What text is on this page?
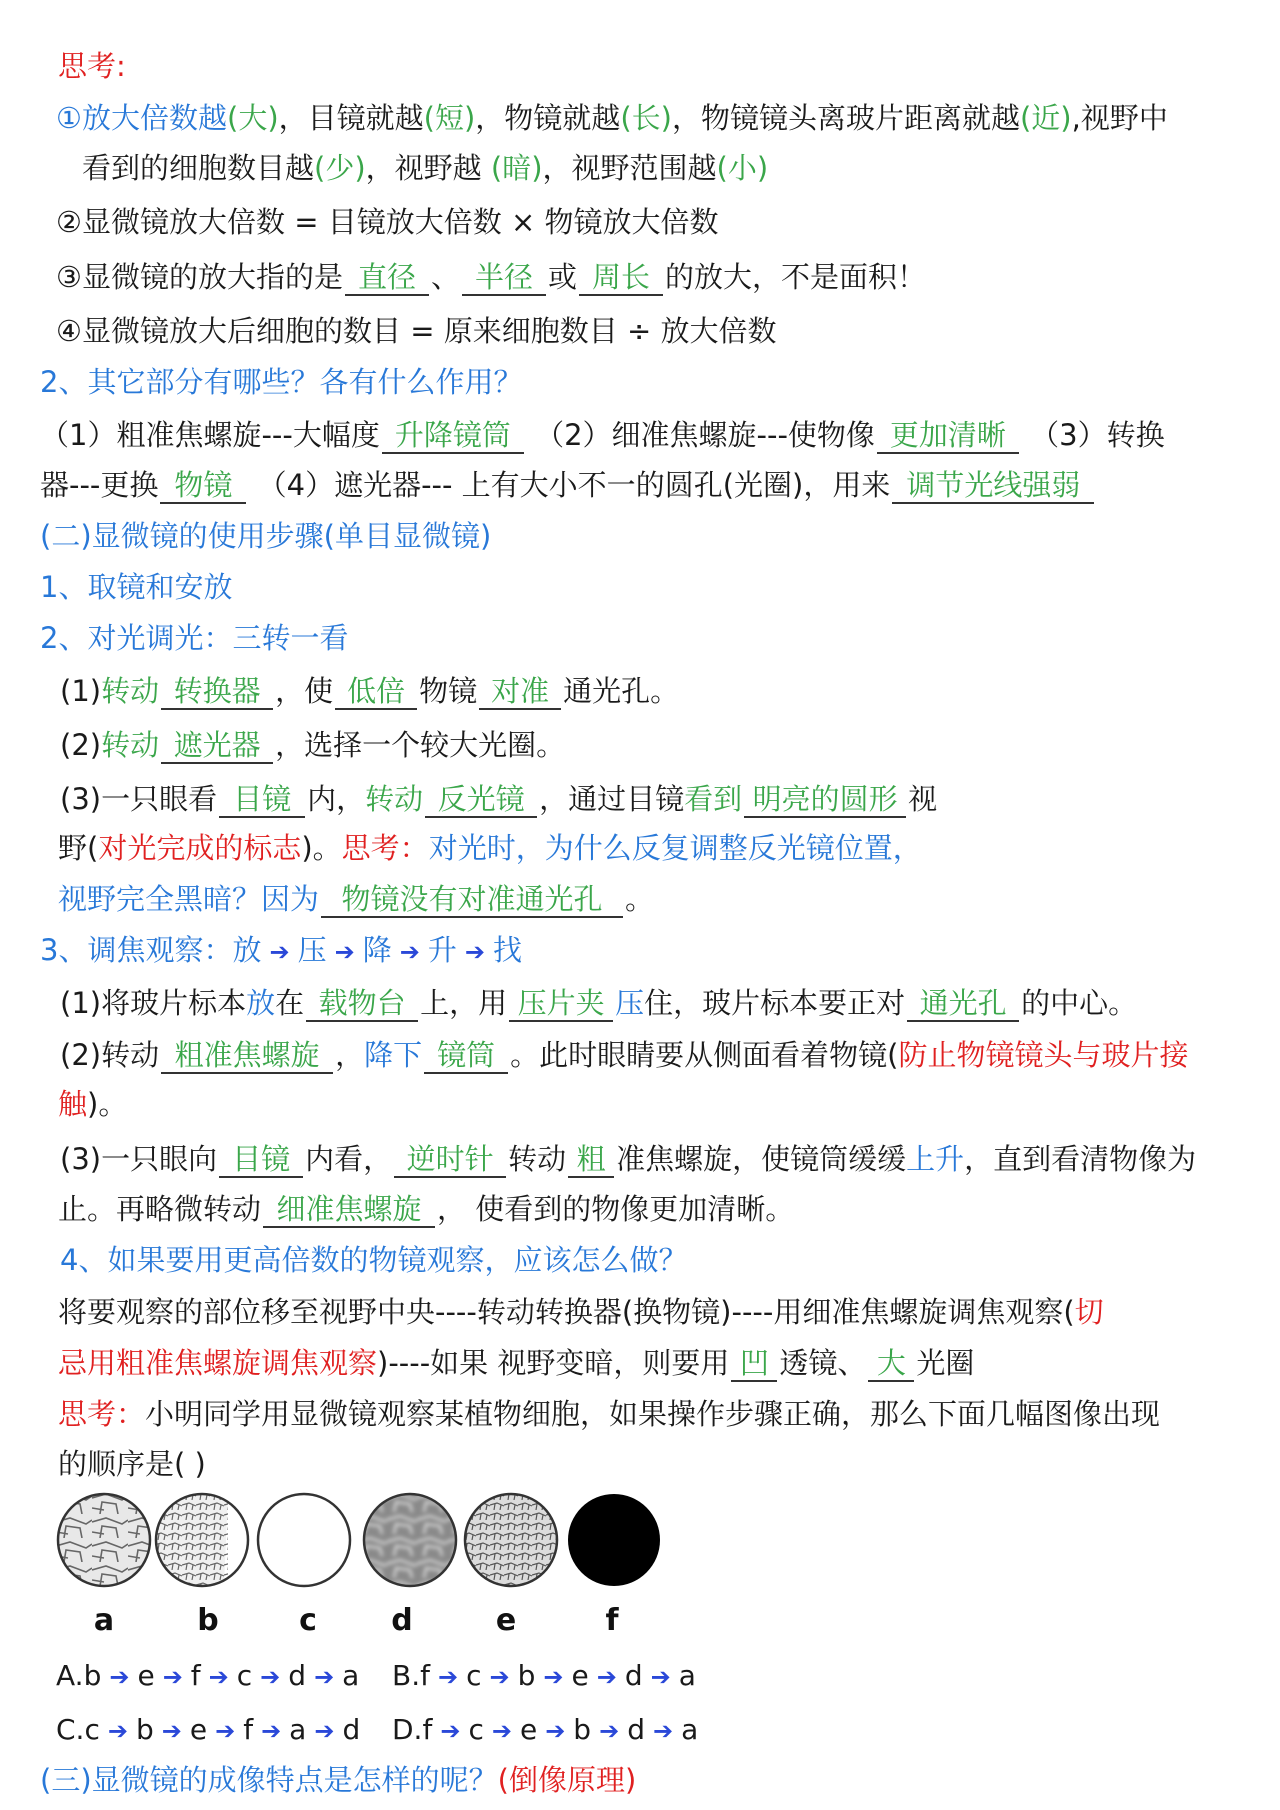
思考:
①放大倍数越(大)，目镜就越(短)，物镜就越(长)，物镜镜头离玻片距离就越(近),视野中
看到的细胞数目越(少)，视野越 (暗)，视野范围越(小)
②显微镜放大倍数 = 目镜放大倍数 × 物镜放大倍数
③显微镜的放大指的是 直径 、 半径 或 周长 的放大，不是面积！
④显微镜放大后细胞的数目 = 原来细胞数目 ÷ 放大倍数
2、其它部分有哪些？各有什么作用？
（1）粗准焦螺旋---大幅度 升降镜筒 （2）细准焦螺旋---使物像 更加清晰 （3）转换
器---更换 物镜 （4）遮光器--- 上有大小不一的圆孔(光圈)，用来 调节光线强弱
(二)显微镜的使用步骤(单目显微镜)
1、取镜和安放
2、对光调光：三转一看
(1)转动 转换器 ，使 低倍 物镜 对准 通光孔。
(2)转动 遮光器 ，选择一个较大光圈。
(3)一只眼看 目镜 内，转动 反光镜 ，通过目镜看到 明亮的圆形 视
野(对光完成的标志)。思考：对光时，为什么反复调整反光镜位置，
视野完全黑暗？因为 物镜没有对准通光孔 。
3、调焦观察：放 ➔ 压 ➔ 降 ➔ 升 ➔ 找
(1)将玻片标本放在 载物台 上，用 压片夹 压住，玻片标本要正对 通光孔 的中心。
(2)转动 粗准焦螺旋 ，降下 镜筒 。此时眼睛要从侧面看着物镜(防止物镜镜头与玻片接
触)。
(3)一只眼向 目镜 内看， 逆时针 转动 粗 准焦螺旋，使镜筒缓缓上升，直到看清物像为
止。再略微转动 细准焦螺旋 ， 使看到的物像更加清晰。
4、如果要用更高倍数的物镜观察，应该怎么做？
将要观察的部位移至视野中央----转动转换器(换物镜)----用细准焦螺旋调焦观察(切
忌用粗准焦螺旋调焦观察)----如果 视野变暗，则要用 凹 透镜、 大 光圈
思考：小明同学用显微镜观察某植物细胞，如果操作步骤正确，那么下面几幅图像出现
的顺序是( )
a	b	c d	e	f
A.b ➔ e ➔ f ➔ c ➔ d ➔ a B.f ➔ c ➔ b ➔ e ➔ d ➔ a
C.c ➔ b ➔ e ➔ f ➔ a ➔ d D.f ➔ c ➔ e ➔ b ➔ d ➔ a
(三)显微镜的成像特点是怎样的呢？(倒像原理)
